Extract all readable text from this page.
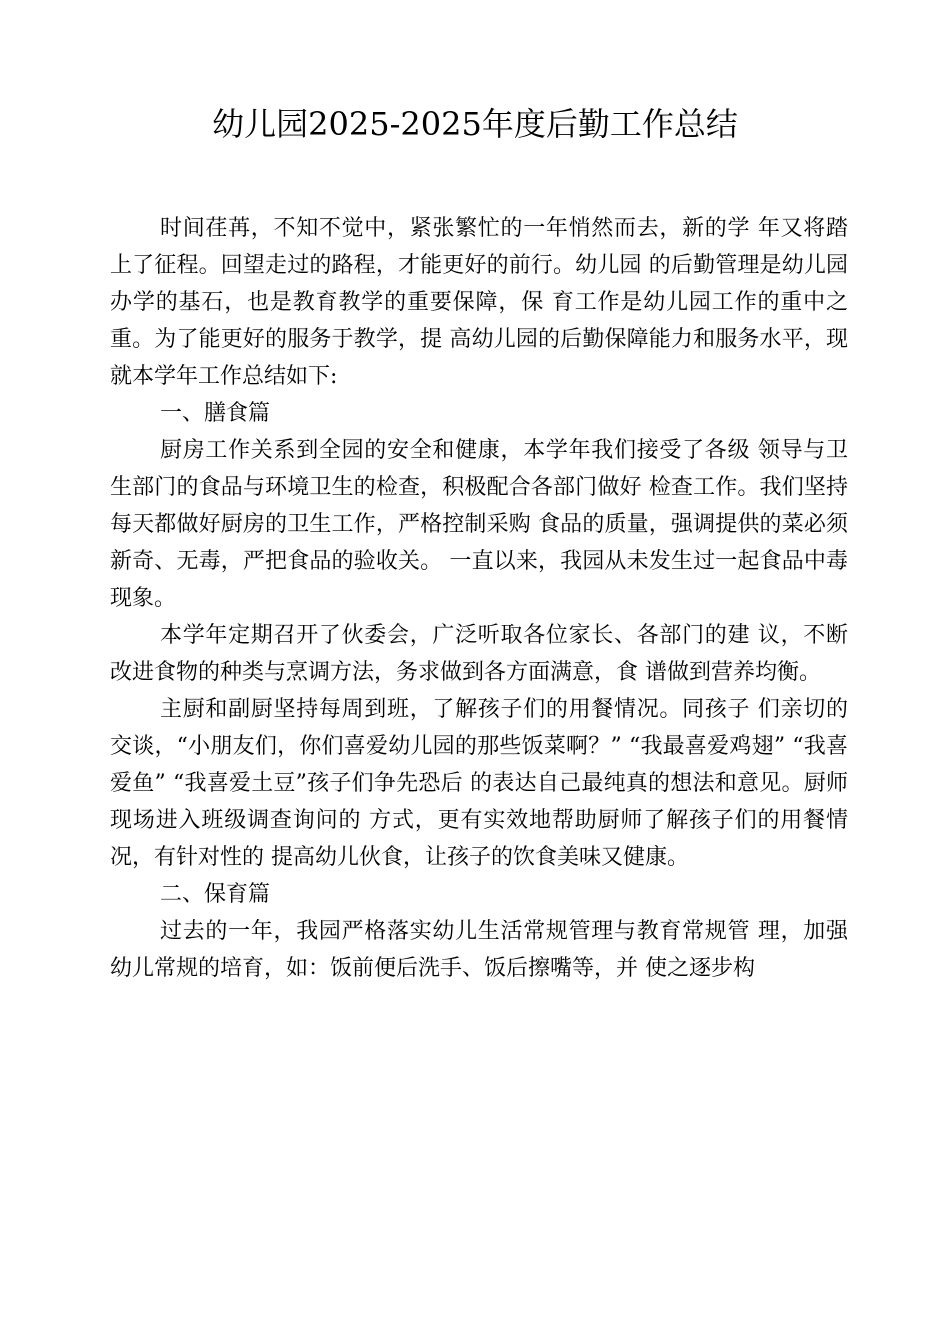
幼儿园2025-2025年度后勤工作总结

时间荏苒，不知不觉中，紧张繁忙的一年悄然而去，新的学 年又将踏上了征程。回望走过的路程，才能更好的前行。幼儿园 的后勤管理是幼儿园办学的基石，也是教育教学的重要保障，保 育工作是幼儿园工作的重中之重。为了能更好的服务于教学，提 高幼儿园的后勤保障能力和服务水平，现就本学年工作总结如下:

一、膳食篇

厨房工作关系到全园的安全和健康，本学年我们接受了各级 领导与卫生部门的食品与环境卫生的检查，积极配合各部门做好 检查工作。我们坚持每天都做好厨房的卫生工作，严格控制采购 食品的质量，强调提供的菜必须新奇、无毒，严把食品的验收关。 一直以来，我园从未发生过一起食品中毒现象。

本学年定期召开了伙委会，广泛听取各位家长、各部门的建 议，不断改进食物的种类与烹调方法，务求做到各方面满意，食 谱做到营养均衡。

主厨和副厨坚持每周到班，了解孩子们的用餐情况。同孩子 们亲切的交谈，“小朋友们，你们喜爱幼儿园的那些饭菜啊？” “我最喜爱鸡翅” “我喜爱鱼” “我喜爱土豆”孩子们争先恐后 的表达自己最纯真的想法和意见。厨师现场进入班级调查询问的 方式，更有实效地帮助厨师了解孩子们的用餐情况，有针对性的 提高幼儿伙食，让孩子的饮食美味又健康。

二、保育篇

过去的一年，我园严格落实幼儿生活常规管理与教育常规管 理，加强幼儿常规的培育，如：饭前便后洗手、饭后擦嘴等，并 使之逐步构
